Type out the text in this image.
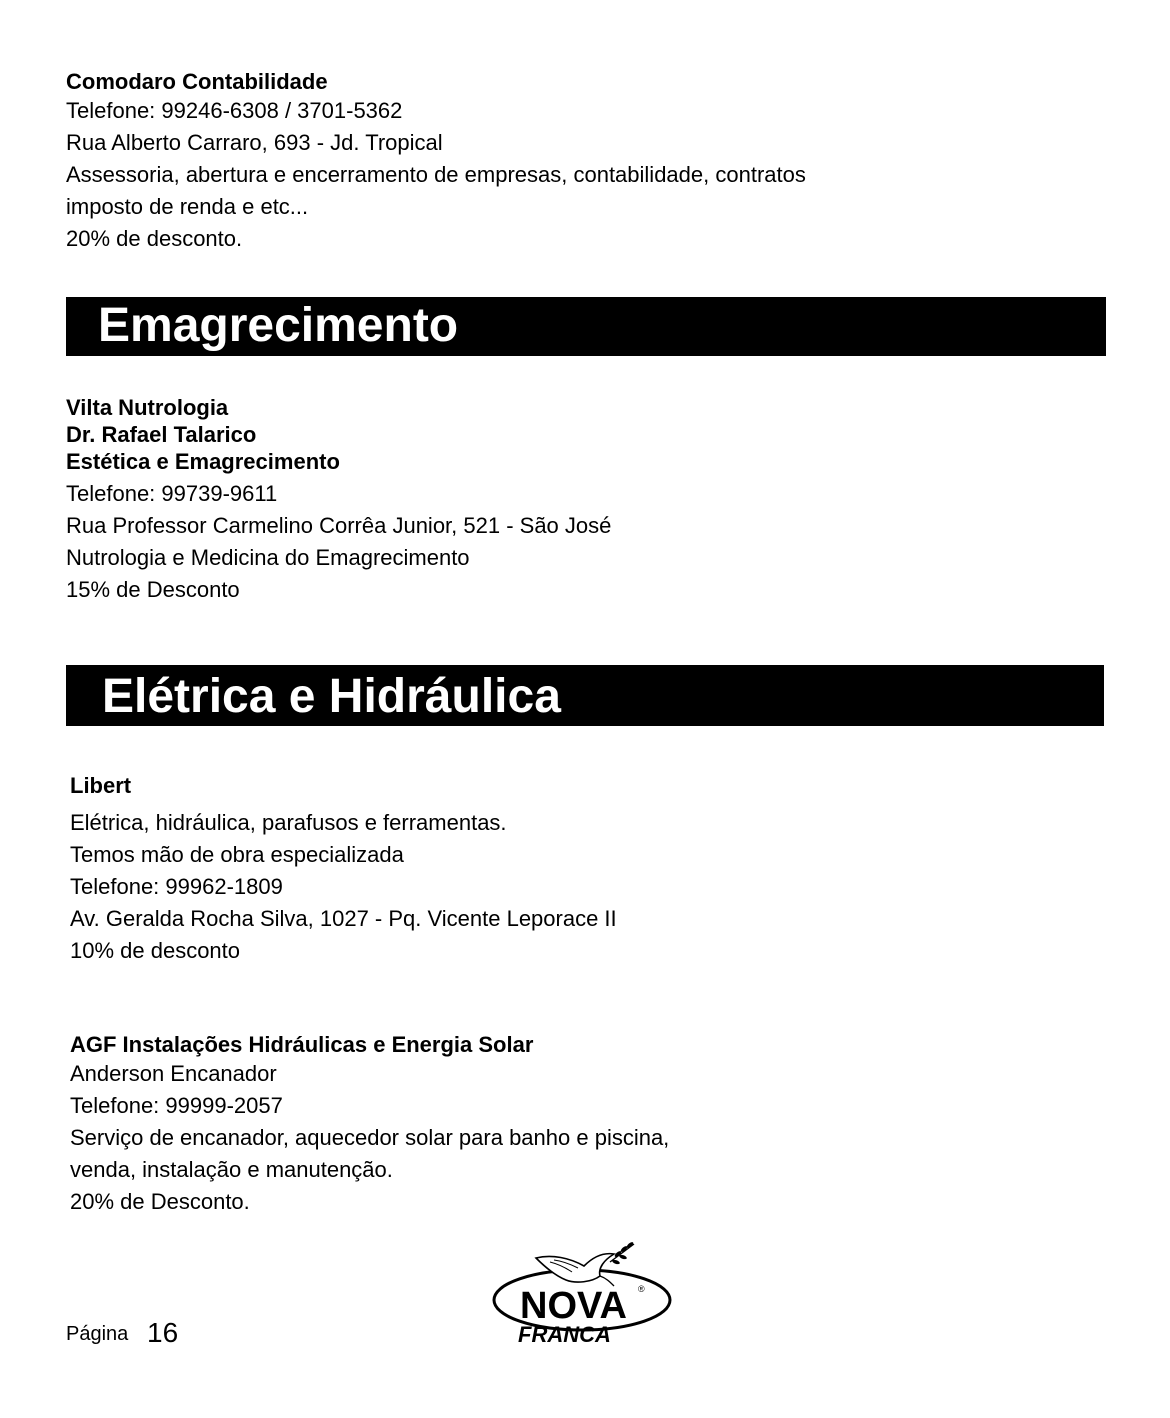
Comodaro Contabilidade
Telefone: 99246-6308 / 3701-5362
Rua Alberto Carraro, 693 - Jd. Tropical
Assessoria, abertura e encerramento de empresas, contabilidade, contratos
imposto de renda e etc...
20% de desconto.
Emagrecimento
Vilta Nutrologia
Dr. Rafael Talarico
Estética e Emagrecimento
Telefone: 99739-9611
Rua Professor Carmelino Corrêa Junior, 521 - São José
Nutrologia e Medicina do Emagrecimento
15% de Desconto
Elétrica e Hidráulica
Libert
Elétrica, hidráulica, parafusos e ferramentas.
Temos mão de obra especializada
Telefone: 99962-1809
Av. Geralda Rocha Silva, 1027 - Pq. Vicente Leporace II
10% de desconto
AGF Instalações Hidráulicas e Energia Solar
Anderson Encanador
Telefone: 99999-2057
Serviço de encanador, aquecedor solar para banho e piscina,
venda, instalação e manutenção.
20% de Desconto.
Página 16
NOVA
FRANCA
®
